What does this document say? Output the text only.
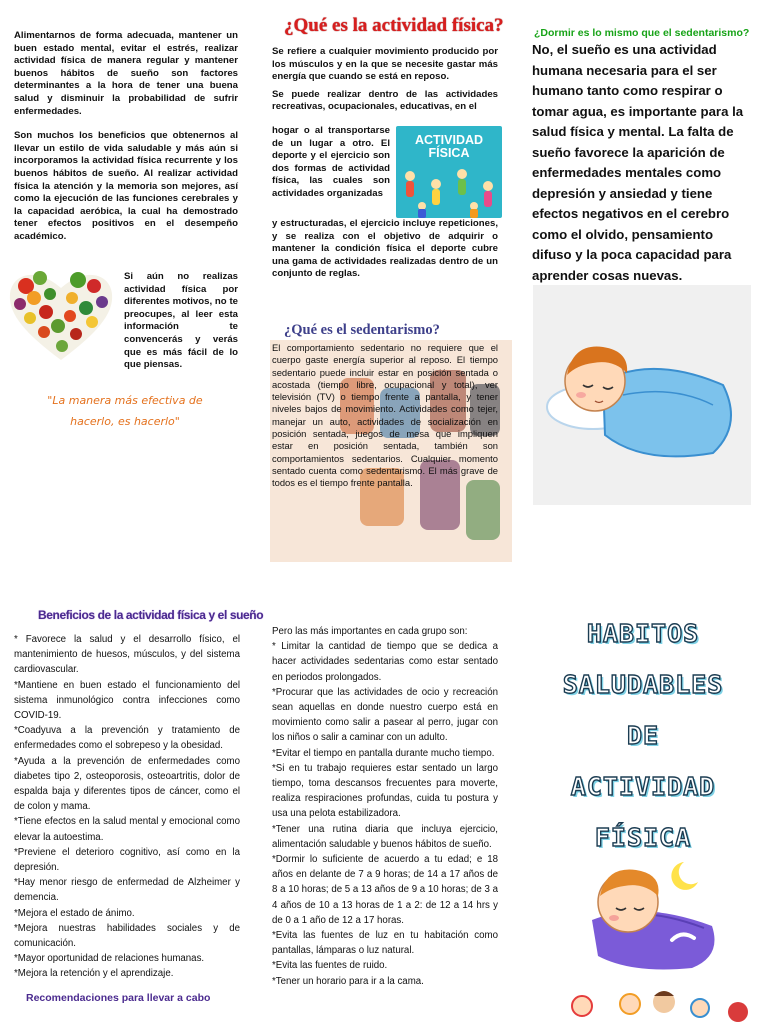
Alimentarnos de forma adecuada, mantener un buen estado mental, evitar el estrés, realizar actividad física de manera regular y mantener buenos hábitos de sueño son factores determinantes a la hora de tener una buena salud y disminuir la probabilidad de sufrir enfermedades.

Son muchos los beneficios que obtenernos al llevar un estilo de vida saludable y más aún si incorporamos la actividad física recurrente y los buenos hábitos de sueño. Al realizar actividad física la atención y la memoria son mejores, así como la ejecución de las funciones cerebrales y la capacidad aeróbica, la cual ha demostrado tener efectos positivos en el desempeño académico.

Si aún no realizas actividad física por diferentes motivos, no te preocupes, al leer esta información te convencerás y verás que es más fácil de lo que piensas.
"La manera más efectiva de hacerlo, es hacerlo"
¿Qué es la actividad física?

Se refiere a cualquier movimiento producido por los músculos y en la que se necesite gastar más energía que cuando se está en reposo.

Se puede realizar dentro de las actividades recreativas, ocupacionales, educativas, en el

hogar o al transportarse de un lugar a otro. El deporte y el ejercicio son dos formas de actividad física, las cuales son actividades organizadas
ACTIVIDAD
FÍSICA
y estructuradas, el ejercicio incluye repeticiones, y se realiza con el objetivo de adquirir o mantener la condición física el deporte cubre una gama de actividades realizadas dentro de un conjunto de reglas.
¿Qué es el sedentarismo?
El comportamiento sedentario no requiere que el cuerpo gaste energía superior al reposo. El tiempo sedentario puede incluir estar en posición sentada o acostada (tiempo libre, ocupacional y total), ver televisión (TV) o tiempo frente a pantalla, y tener niveles bajos de movimiento. Actividades como tejer, manejar un auto, actividades de socialización en posición sentada, juegos de mesa que impliquen estar en posición sentada, también son comportamientos sedentarios. Cualquier momento sentado cuenta como sedentarismo. El más grave de todos es el tiempo frente pantalla.
¿Dormir es lo mismo que el sedentarismo?
No, el sueño es una actividad humana necesaria para el ser humano tanto como respirar o tomar agua, es importante para la salud física y mental. La falta de sueño favorece la aparición de enfermedades mentales como depresión y ansiedad y tiene efectos negativos en el cerebro como el olvido, pensamiento difuso y la poca capacidad para aprender cosas nuevas.
Beneficios de la actividad física y el sueño
* Favorece la salud y el desarrollo físico, el mantenimiento de huesos, músculos, y del sistema cardiovascular.
*Mantiene en buen estado el funcionamiento del sistema inmunológico contra infecciones como COVID-19.
*Coadyuva a la prevención y tratamiento de enfermedades como el sobrepeso y la obesidad.
*Ayuda a la prevención de enfermedades como diabetes tipo 2, osteoporosis, osteoartritis, dolor de espalda baja y diferentes tipos de cáncer, como el de colon y mama.
*Tiene efectos en la salud mental y emocional como elevar la autoestima.
*Previene el deterioro cognitivo, así como en la depresión.
*Hay menor riesgo de enfermedad de Alzheimer y demencia.
*Mejora el estado de ánimo.
*Mejora nuestras habilidades sociales y de comunicación.
*Mayor oportunidad de relaciones humanas.
*Mejora la retención y el aprendizaje.
Recomendaciones para llevar a cabo
Pero las más importantes en cada grupo son:
* Limitar la cantidad de tiempo que se dedica a hacer actividades sedentarias como estar sentado en periodos prolongados.
*Procurar que las actividades de ocio y recreación sean aquellas en donde nuestro cuerpo está en movimiento como salir a pasear al perro, jugar con los niños o salir a caminar con un adulto.
*Evitar el tiempo en pantalla durante mucho tiempo.
*Si en tu trabajo requieres estar sentado un largo tiempo, toma descansos frecuentes para moverte, realiza respiraciones profundas, cuida tu postura y usa una pelota estabilizadora.
*Tener una rutina diaria que incluya ejercicio, alimentación saludable y buenos hábitos de sueño.
*Dormir lo suficiente de acuerdo a tu edad; e 18 años en delante de 7 a 9 horas; de 14 a 17 años de 8 a 10 horas; de 5 a 13 años de 9 a 10 horas; de 3 a 4 años de 10 a 13 horas de 1 a 2: de 12 a 14 hrs y de 0 a 1 año de 12 a 17 horas.
*Evita las fuentes de luz en tu habitación como pantallas, lámparas o luz natural.
*Evita las fuentes de ruido.
*Tener un horario para ir a la cama.
HABITOS
SALUDABLES
DE
ACTIVIDAD
FÍSICA
